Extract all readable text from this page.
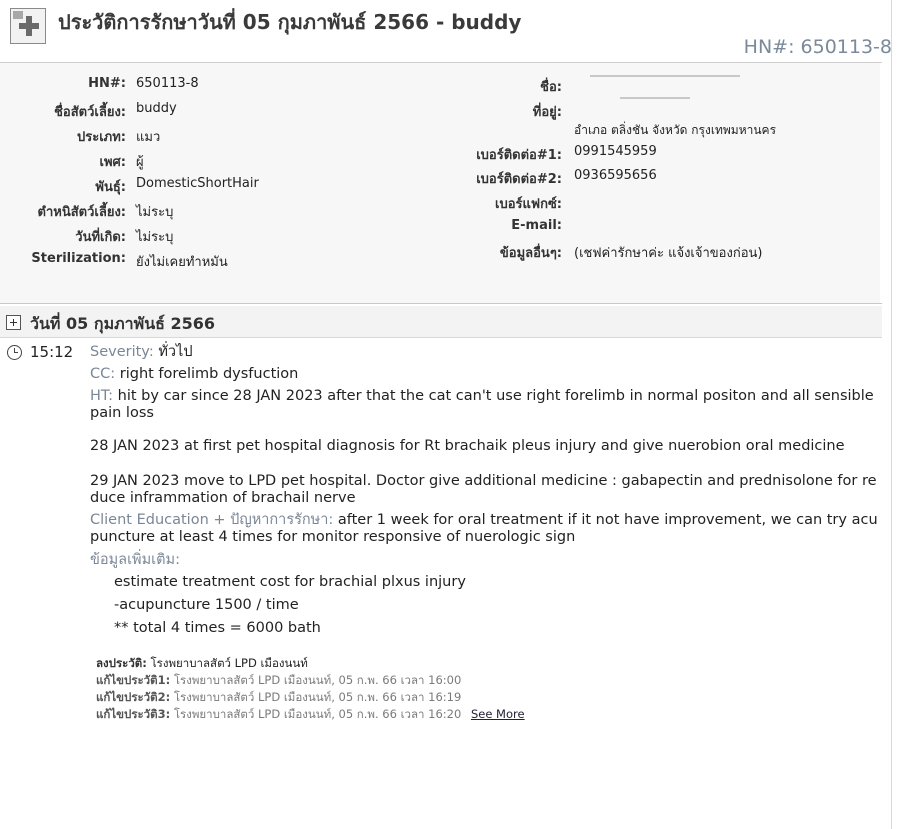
ประวัติการรักษาวันที่ 05 กุมภาพันธ์ 2566 - buddy
HN#: 650113-8
HN#: 650113-8
ชื่อสัตว์เลี้ยง: buddy
ประเภท: แมว
เพศ: ผู้
พันธุ์: DomesticShortHair
ตำหนิสัตว์เลี้ยง: ไม่ระบุ
วันที่เกิด: ไม่ระบุ
Sterilization: ยังไม่เคยทำหมัน
ชื่อ:
ที่อยู่:
อำเภอ ตลิ่งชัน จังหวัด กรุงเทพมหานคร
เบอร์ติดต่อ#1: 0991545959
เบอร์ติดต่อ#2: 0936595656
เบอร์แฟกซ์:
E-mail:
ข้อมูลอื่นๆ: (เชฟค่ารักษาค่ะ แจ้งเจ้าของก่อน)
วันที่ 05 กุมภาพันธ์ 2566
15:12 Severity: ทั่วไป
CC: right forelimb dysfuction
HT: hit by car since 28 JAN 2023 after that the cat can't use right forelimb in normal positon and all sensible pain loss
28 JAN 2023 at first pet hospital diagnosis for Rt brachaik pleus injury and give nuerobion oral medicine
29 JAN 2023 move to LPD pet hospital. Doctor give additional medicine : gabapectin and prednisolone for reduce inframmation of brachail nerve
Client Education + ปัญหาการรักษา: after 1 week for oral treatment if it not have improvement, we can try acupuncture at least 4 times for monitor responsive of nuerologic sign
ข้อมูลเพิ่มเติม:
estimate treatment cost for brachial plxus injury
-acupuncture 1500 / time
** total 4 times = 6000 bath
ลงประวัติ: โรงพยาบาลสัตว์ LPD เมืองนนท์
แก้ไขประวัติ1: โรงพยาบาลสัตว์ LPD เมืองนนท์, 05 ก.พ. 66 เวลา 16:00
แก้ไขประวัติ2: โรงพยาบาลสัตว์ LPD เมืองนนท์, 05 ก.พ. 66 เวลา 16:19
แก้ไขประวัติ3: โรงพยาบาลสัตว์ LPD เมืองนนท์, 05 ก.พ. 66 เวลา 16:20 See More
